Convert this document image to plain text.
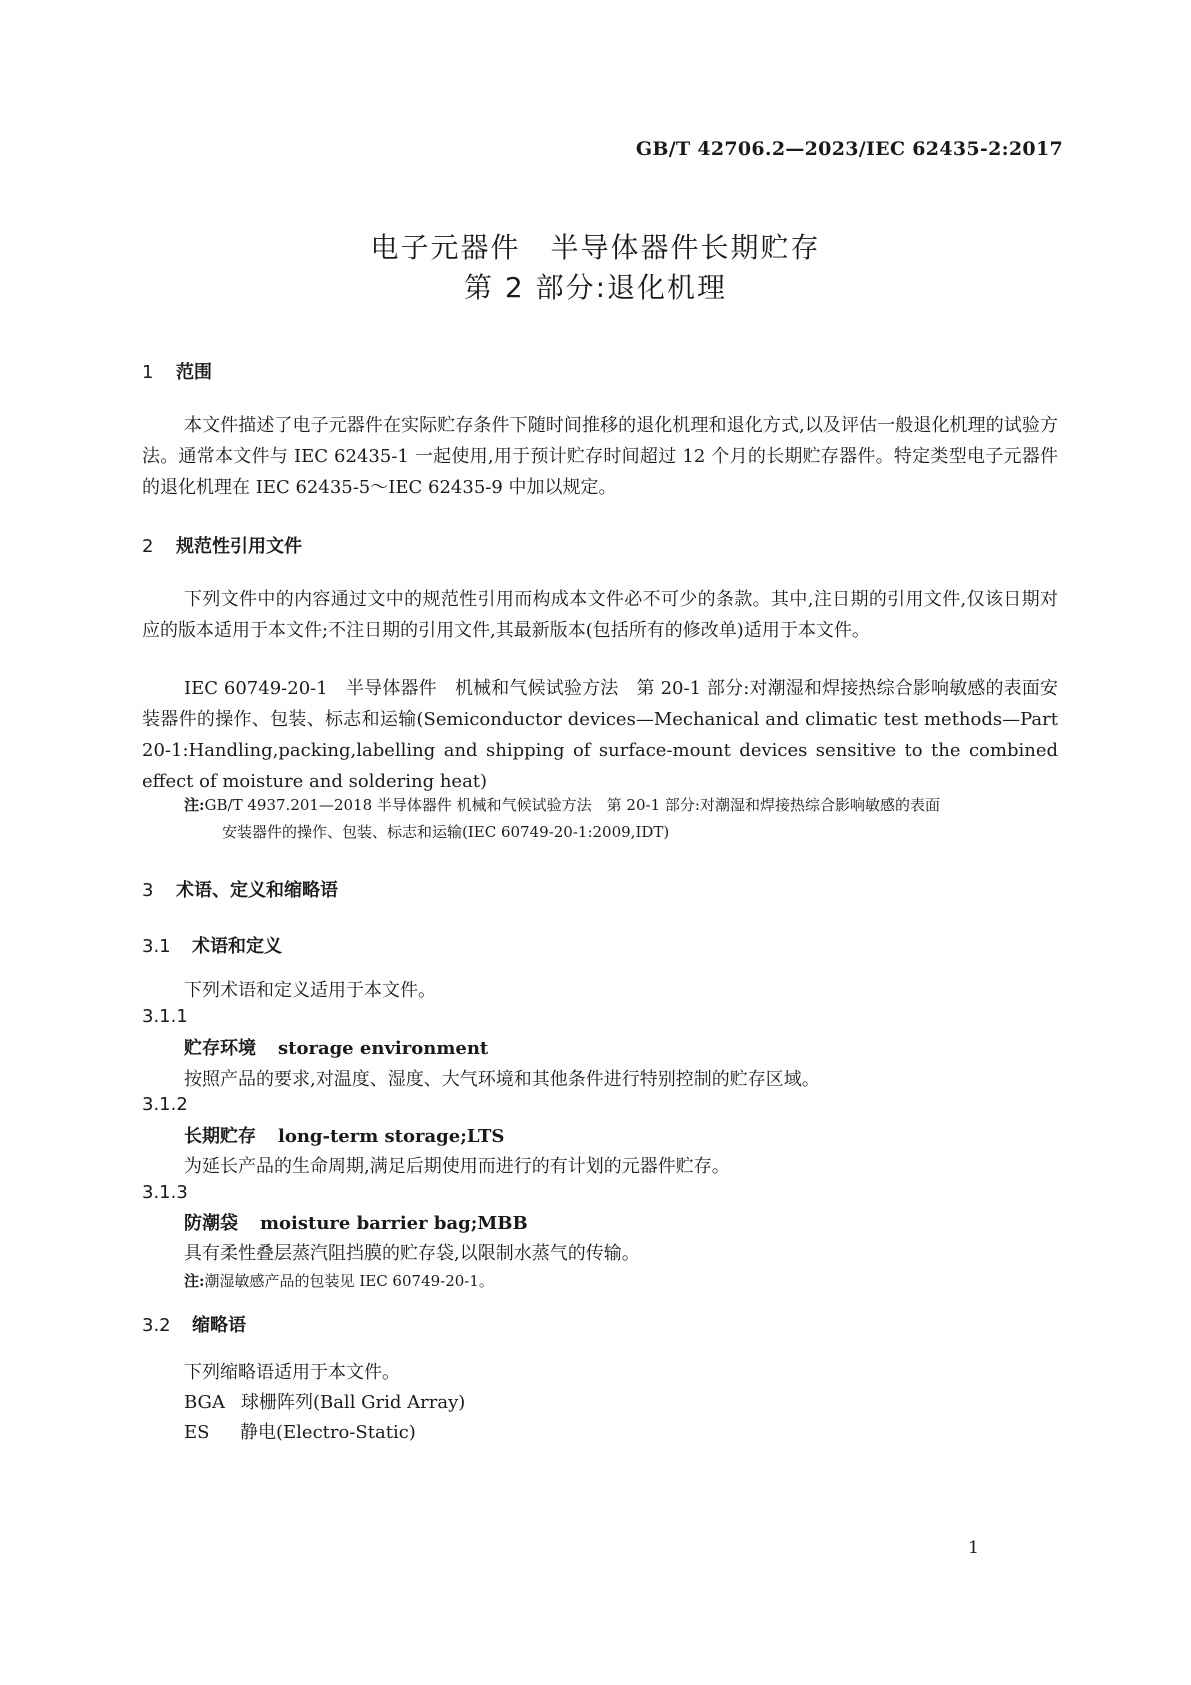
GB/T 42706.2—2023/IEC 62435-2:2017
电子元器件　半导体器件长期贮存
第 2 部分:退化机理
1 范围
本文件描述了电子元器件在实际贮存条件下随时间推移的退化机理和退化方式,以及评估一般退化机理的试验方法。通常本文件与 IEC 62435-1 一起使用,用于预计贮存时间超过 12 个月的长期贮存器件。特定类型电子元器件的退化机理在 IEC 62435-5～IEC 62435-9 中加以规定。
2 规范性引用文件
下列文件中的内容通过文中的规范性引用而构成本文件必不可少的条款。其中,注日期的引用文件,仅该日期对应的版本适用于本文件;不注日期的引用文件,其最新版本(包括所有的修改单)适用于本文件。
IEC 60749-20-1　半导体器件　机械和气候试验方法　第 20-1 部分:对潮湿和焊接热综合影响敏感的表面安装器件的操作、包装、标志和运输(Semiconductor devices—Mechanical and climatic test methods—Part 20-1:Handling,packing,labelling and shipping of surface-mount devices sensitive to the combined effect of moisture and soldering heat)
注:GB/T 4937.201—2018 半导体器件 机械和气候试验方法　第 20-1 部分:对潮湿和焊接热综合影响敏感的表面
安装器件的操作、包装、标志和运输(IEC 60749-20-1:2009,IDT)
3 术语、定义和缩略语
3.1 术语和定义
下列术语和定义适用于本文件。
3.1.1
贮存环境 storage environment
按照产品的要求,对温度、湿度、大气环境和其他条件进行特别控制的贮存区域。
3.1.2
长期贮存 long-term storage;LTS
为延长产品的生命周期,满足后期使用而进行的有计划的元器件贮存。
3.1.3
防潮袋 moisture barrier bag;MBB
具有柔性叠层蒸汽阻挡膜的贮存袋,以限制水蒸气的传输。
注:潮湿敏感产品的包装见 IEC 60749-20-1。
3.2 缩略语
下列缩略语适用于本文件。
BGA 球栅阵列(Ball Grid Array)
ES 静电(Electro-Static)
1
